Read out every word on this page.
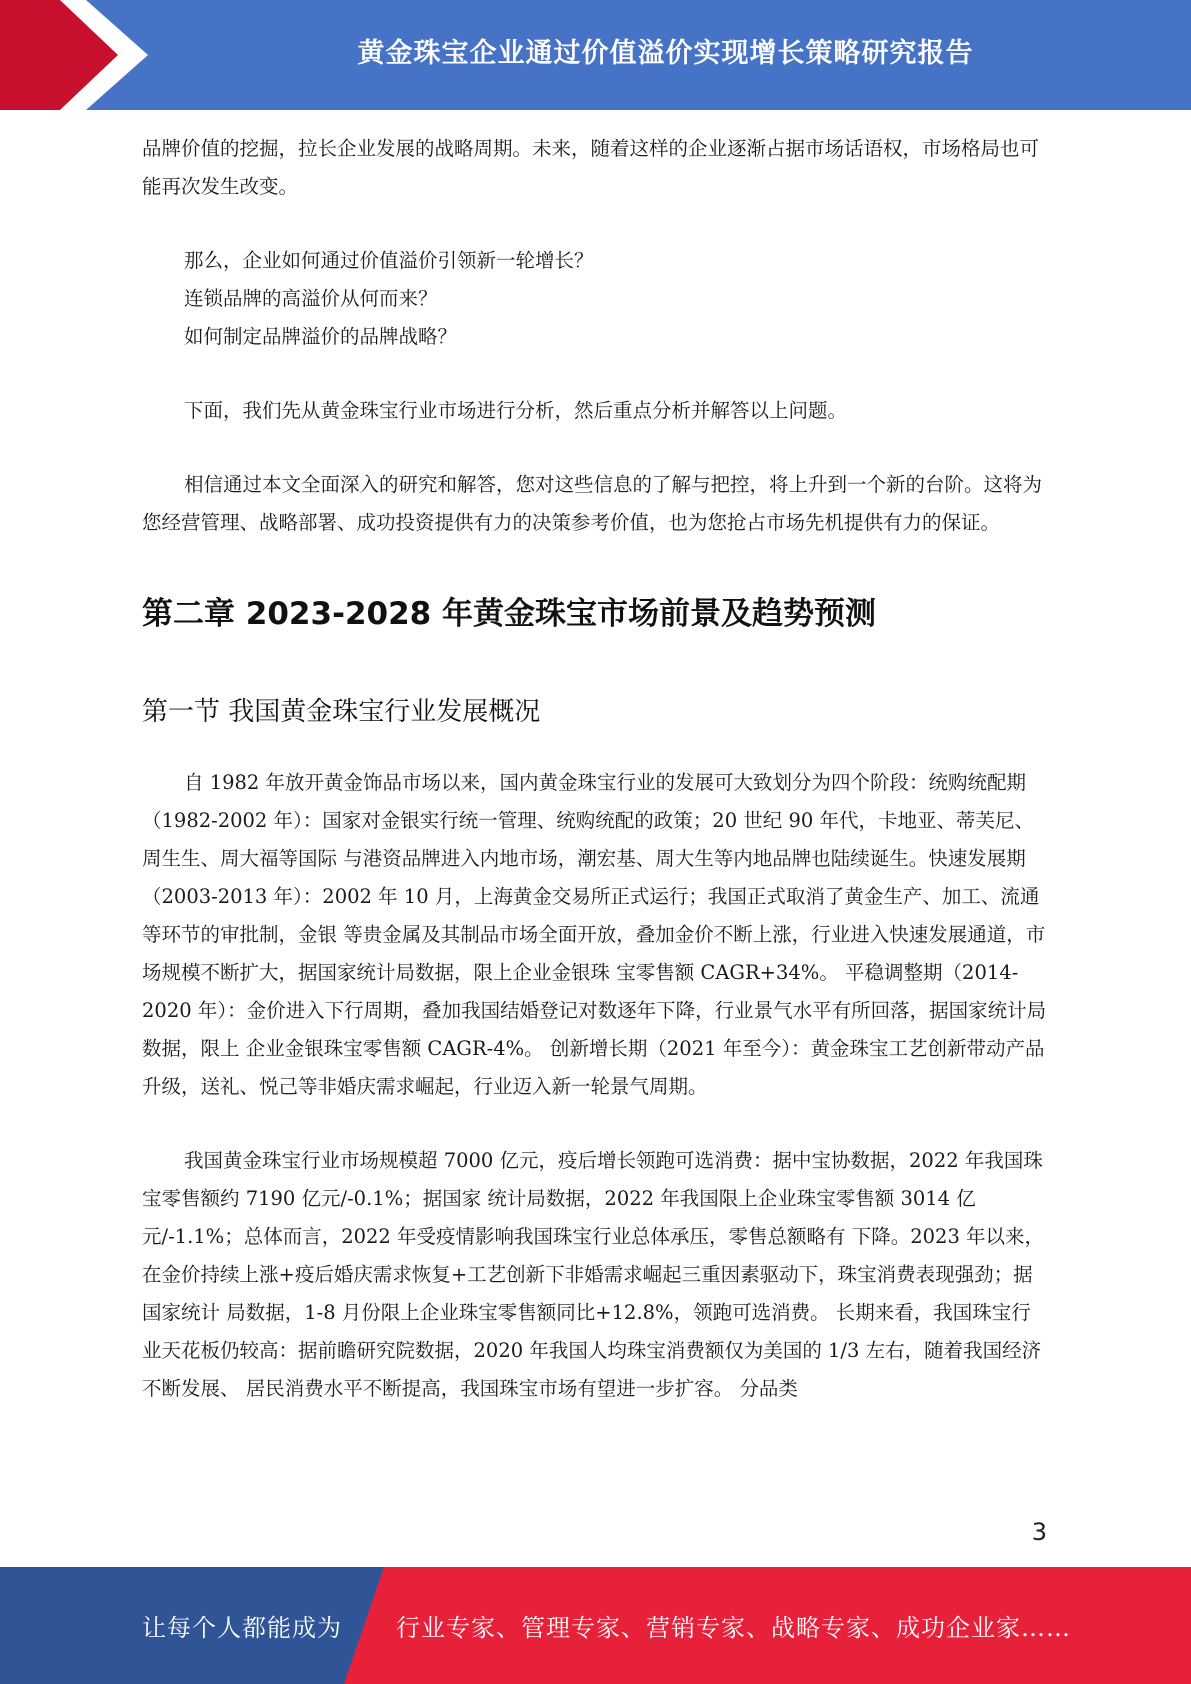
黄金珠宝企业通过价值溢价实现增长策略研究报告

品牌价值的挖掘，拉长企业发展的战略周期。未来，随着这样的企业逐渐占据市场话语权，市场格局也可能再次发生改变。

那么，企业如何通过价值溢价引领新一轮增长？

连锁品牌的高溢价从何而来？

如何制定品牌溢价的品牌战略？

下面，我们先从黄金珠宝行业市场进行分析，然后重点分析并解答以上问题。

相信通过本文全面深入的研究和解答，您对这些信息的了解与把控，将上升到一个新的台阶。这将为您经营管理、战略部署、成功投资提供有力的决策参考价值，也为您抢占市场先机提供有力的保证。

第二章 2023-2028 年黄金珠宝市场前景及趋势预测
第一节 我国黄金珠宝行业发展概况

自 1982 年放开黄金饰品市场以来，国内黄金珠宝行业的发展可大致划分为四个阶段：统购统配期（1982-2002 年）：国家对金银实行统一管理、统购统配的政策；20 世纪 90 年代，卡地亚、蒂芙尼、周生生、周大福等国际 与港资品牌进入内地市场，潮宏基、周大生等内地品牌也陆续诞生。快速发展期（2003-2013 年）：2002 年 10 月，上海黄金交易所正式运行；我国正式取消了黄金生产、加工、流通等环节的审批制，金银 等贵金属及其制品市场全面开放，叠加金价不断上涨，行业进入快速发展通道，市场规模不断扩大，据国家统计局数据，限上企业金银珠 宝零售额 CAGR+34%。 平稳调整期（2014-2020 年）：金价进入下行周期，叠加我国结婚登记对数逐年下降，行业景气水平有所回落，据国家统计局数据，限上 企业金银珠宝零售额 CAGR-4%。 创新增长期（2021 年至今）：黄金珠宝工艺创新带动产品升级，送礼、悦己等非婚庆需求崛起，行业迈入新一轮景气周期。

我国黄金珠宝行业市场规模超 7000 亿元，疫后增长领跑可选消费：据中宝协数据，2022 年我国珠宝零售额约 7190 亿元/-0.1%；据国家 统计局数据，2022 年我国限上企业珠宝零售额 3014 亿元/-1.1%；总体而言，2022 年受疫情影响我国珠宝行业总体承压，零售总额略有 下降。2023 年以来，在金价持续上涨+疫后婚庆需求恢复+工艺创新下非婚需求崛起三重因素驱动下，珠宝消费表现强劲；据国家统计 局数据，1-8 月份限上企业珠宝零售额同比+12.8%，领跑可选消费。 长期来看，我国珠宝行业天花板仍较高：据前瞻研究院数据，2020 年我国人均珠宝消费额仅为美国的 1/3 左右，随着我国经济不断发展、 居民消费水平不断提高，我国珠宝市场有望进一步扩容。 分品类

3
让每个人都能成为 行业专家、管理专家、营销专家、战略专家、成功企业家……
